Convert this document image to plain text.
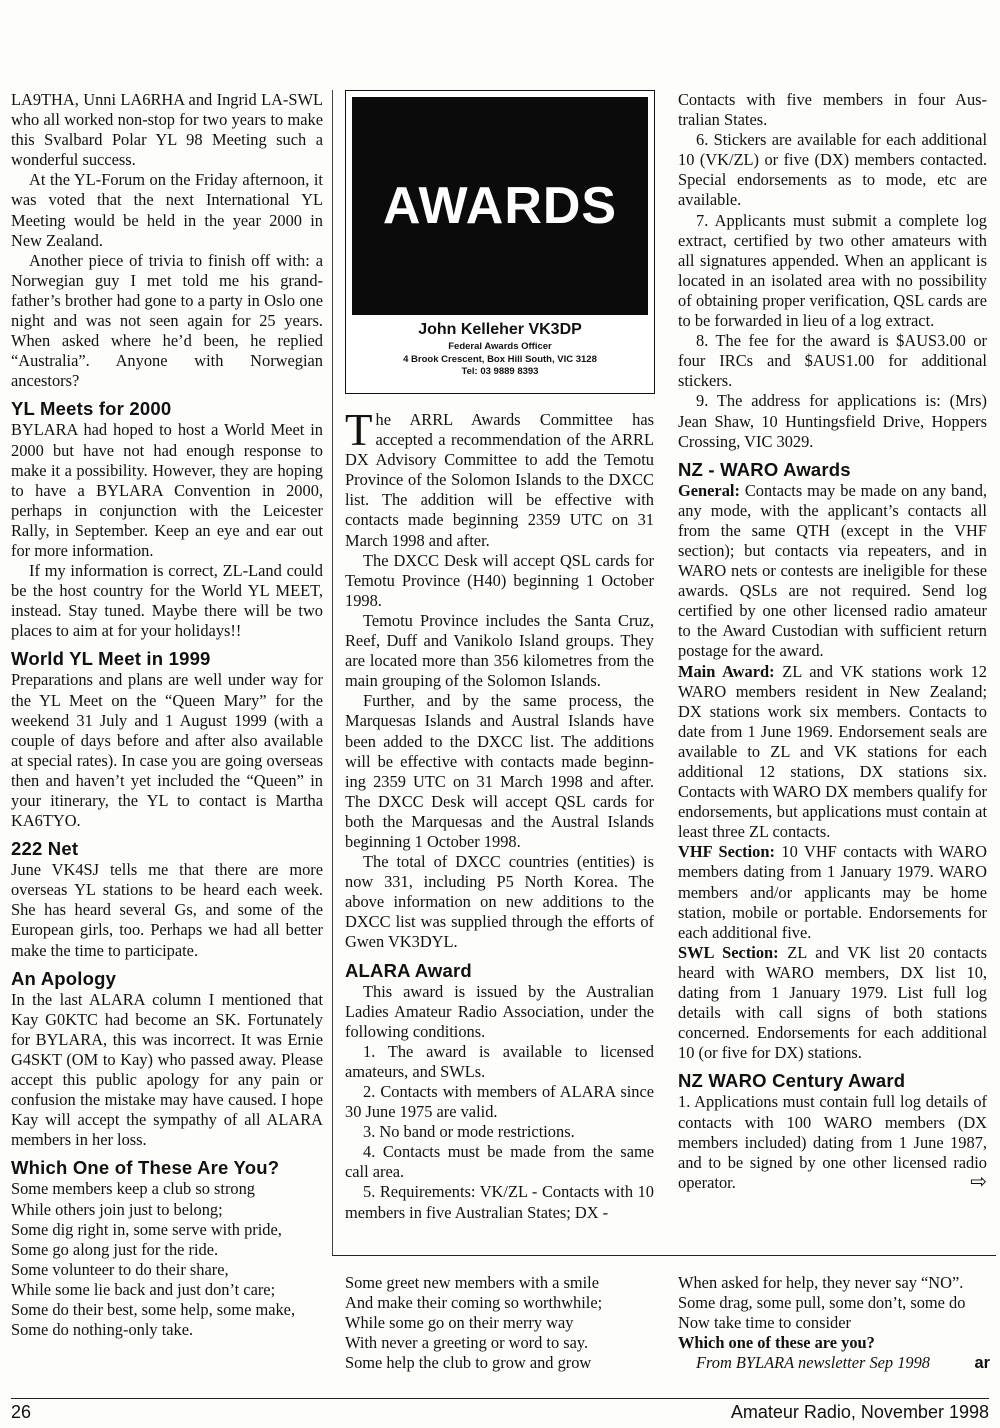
LA9THA, Unni LA6RHA and Ingrid LA-SWL who all worked non-stop for two years to make this Svalbard Polar YL 98 Meeting such a wonderful success.

At the YL-Forum on the Friday afternoon, it was voted that the next International YL Meeting would be held in the year 2000 in New Zealand.

Another piece of trivia to finish off with: a Norwegian guy I met told me his grand-father’s brother had gone to a party in Oslo one night and was not seen again for 25 years. When asked where he’d been, he replied “Australia”. Anyone with Norwegian ancestors?

YL Meets for 2000

BYLARA had hoped to host a World Meet in 2000 but have not had enough response to make it a possibility. However, they are hoping to have a BYLARA Convention in 2000, perhaps in conjunction with the Leicester Rally, in September. Keep an eye and ear out for more information.

If my information is correct, ZL-Land could be the host country for the World YL MEET, instead. Stay tuned. Maybe there will be two places to aim at for your holidays!!

World YL Meet in 1999

Preparations and plans are well under way for the YL Meet on the “Queen Mary” for the weekend 31 July and 1 August 1999 (with a couple of days before and after also available at special rates). In case you are going overseas then and haven’t yet included the “Queen” in your itinerary, the YL to contact is Martha KA6TYO.

222 Net

June VK4SJ tells me that there are more overseas YL stations to be heard each week. She has heard several Gs, and some of the European girls, too. Perhaps we had all better make the time to participate.

An Apology

In the last ALARA column I mentioned that Kay G0KTC had become an SK. Fortunately for BYLARA, this was incorrect. It was Ernie G4SKT (OM to Kay) who passed away. Please accept this public apology for any pain or confusion the mistake may have caused. I hope Kay will accept the sympathy of all ALARA members in her loss.

Which One of These Are You?
Some members keep a club so strong
While others join just to belong;
Some dig right in, some serve with pride,
Some go along just for the ride.
Some volunteer to do their share,
While some lie back and just don’t care;
Some do their best, some help, some make,
Some do nothing-only take.
AWARDS
John Kelleher VK3DP
Federal Awards Officer
4 Brook Crescent, Box Hill South, VIC 3128
Tel: 03 9889 8393

The ARRL Awards Committee has accepted a recommendation of the ARRL DX Advisory Committee to add the Temotu Province of the Solomon Islands to the DXCC list. The addition will be effective with contacts made beginning 2359 UTC on 31 March 1998 and after.

The DXCC Desk will accept QSL cards for Temotu Province (H40) beginning 1 October 1998.

Temotu Province includes the Santa Cruz, Reef, Duff and Vanikolo Island groups. They are located more than 356 kilometres from the main grouping of the Solomon Islands.

Further, and by the same process, the Marquesas Islands and Austral Islands have been added to the DXCC list. The additions will be effective with contacts made beginn-ing 2359 UTC on 31 March 1998 and after. The DXCC Desk will accept QSL cards for both the Marquesas and the Austral Islands beginning 1 October 1998.

The total of DXCC countries (entities) is now 331, including P5 North Korea. The above information on new additions to the DXCC list was supplied through the efforts of Gwen VK3DYL.

ALARA Award

This award is issued by the Australian Ladies Amateur Radio Association, under the following conditions.

1. The award is available to licensed amateurs, and SWLs.

2. Contacts with members of ALARA since 30 June 1975 are valid.

3. No band or mode restrictions.

4. Contacts must be made from the same call area.

5. Requirements: VK/ZL - Contacts with 10 members in five Australian States; DX -

Contacts with five members in four Aus-tralian States.

6. Stickers are available for each additional 10 (VK/ZL) or five (DX) members contacted. Special endorsements as to mode, etc are available.

7. Applicants must submit a complete log extract, certified by two other amateurs with all signatures appended. When an applicant is located in an isolated area with no possibility of obtaining proper verification, QSL cards are to be forwarded in lieu of a log extract.

8. The fee for the award is $AUS3.00 or four IRCs and $AUS1.00 for additional stickers.

9. The address for applications is: (Mrs) Jean Shaw, 10 Huntingsfield Drive, Hoppers Crossing, VIC 3029.

NZ - WARO Awards

General: Contacts may be made on any band, any mode, with the applicant’s contacts all from the same QTH (except in the VHF section); but contacts via repeaters, and in WARO nets or contests are ineligible for these awards. QSLs are not required. Send log certified by one other licensed radio amateur to the Award Custodian with sufficient return postage for the award.

Main Award: ZL and VK stations work 12 WARO members resident in New Zealand; DX stations work six members. Contacts to date from 1 June 1969. Endorsement seals are available to ZL and VK stations for each additional 12 stations, DX stations six. Contacts with WARO DX members qualify for endorsements, but applications must contain at least three ZL contacts.

VHF Section: 10 VHF contacts with WARO members dating from 1 January 1979. WARO members and/or applicants may be home station, mobile or portable. Endorsements for each additional five.

SWL Section: ZL and VK list 20 contacts heard with WARO members, DX list 10, dating from 1 January 1979. List full log details with call signs of both stations concerned. Endorsements for each additional 10 (or five for DX) stations.

NZ WARO Century Award

1. Applications must contain full log details of contacts with 100 WARO members (DX members included) dating from 1 June 1987, and to be signed by one other licensed radio operator.	⇨

Some greet new members with a smile
And make their coming so worthwhile;
While some go on their merry way
With never a greeting or word to say.
Some help the club to grow and grow
When asked for help, they never say “NO”.
Some drag, some pull, some don’t, some do
Now take time to consider
Which one of these are you?
From BYLARA newsletter Sep 1998	ar
26	Amateur Radio, November 1998
